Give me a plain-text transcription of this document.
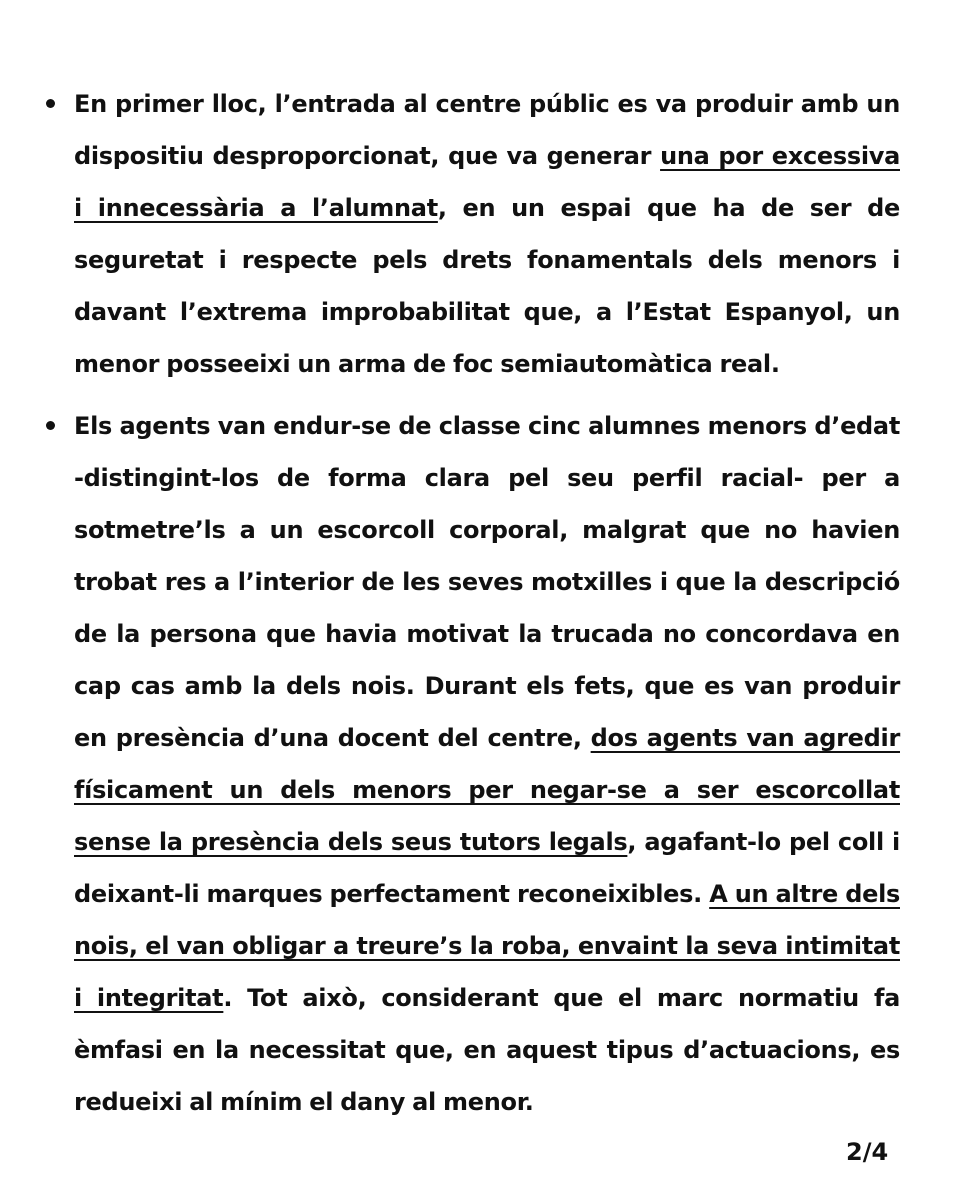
En primer lloc, l’entrada al centre públic es va produir amb un dispositiu desproporcionat, que va generar una por excessiva i innecessària a l’alumnat, en un espai que ha de ser de seguretat i respecte pels drets fonamentals dels menors i davant l’extrema improbabilitat que, a l’Estat Espanyol, un menor posseeixi un arma de foc semiautomàtica real.
Els agents van endur-se de classe cinc alumnes menors d’edat -distingint-los de forma clara pel seu perfil racial- per a sotmetre’ls a un escorcoll corporal, malgrat que no havien trobat res a l’interior de les seves motxilles i que la descripció de la persona que havia motivat la trucada no concordava en cap cas amb la dels nois. Durant els fets, que es van produir en presència d’una docent del centre, dos agents van agredir físicament un dels menors per negar-se a ser escorcollat sense la presència dels seus tutors legals, agafant-lo pel coll i deixant-li marques perfectament reconeixibles. A un altre dels nois, el van obligar a treure’s la roba, envaint la seva intimitat i integritat. Tot això, considerant que el marc normatiu fa èmfasi en la necessitat que, en aquest tipus d’actuacions, es redueixi al mínim el dany al menor.
2/4
